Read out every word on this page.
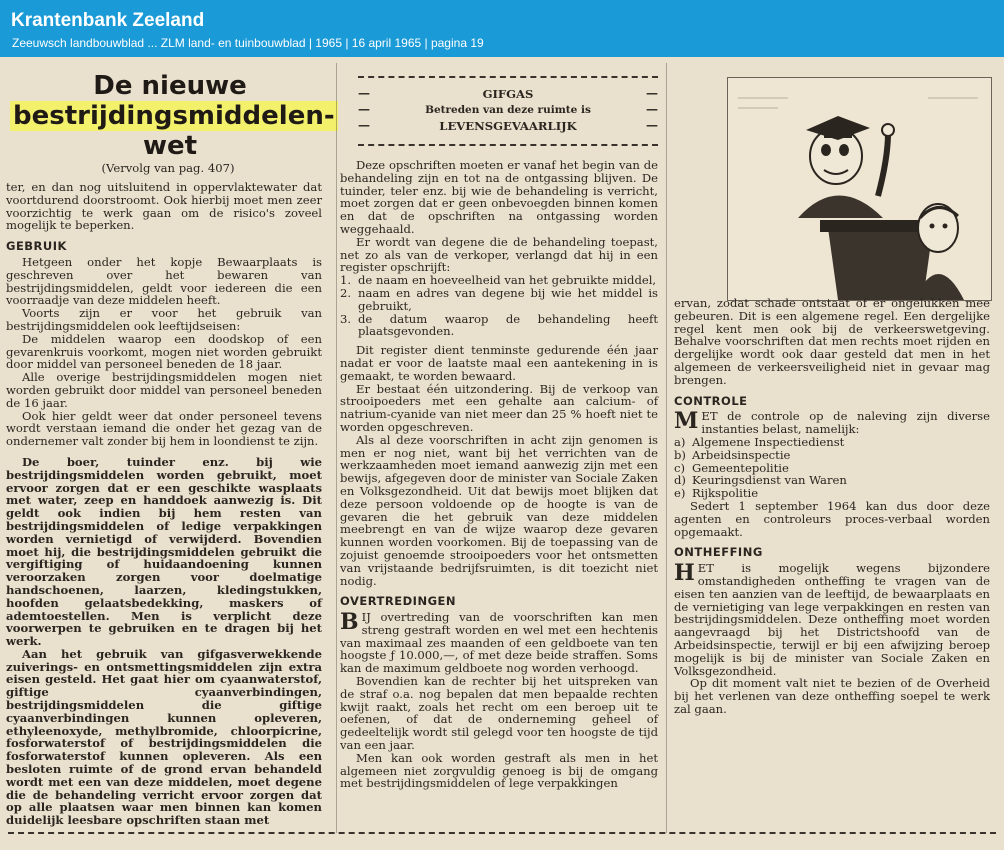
Krantenbank Zeeland
Zeeuwsch landbouwblad ... ZLM land- en tuinbouwblad | 1965 | 16 april 1965 | pagina 19
De nieuwe
bestrijdingsmiddelen-
wet
(Vervolg van pag. 407)

ter, en dan nog uitsluitend in oppervlaktewater dat voortdurend doorstroomt. Ook hierbij moet men zeer voorzichtig te werk gaan om de risico's zoveel mogelijk te beperken.

GEBRUIK

Hetgeen onder het kopje Bewaarplaats is geschreven over het bewaren van bestrijdingsmiddelen, geldt voor iedereen die een voorraadje van deze middelen heeft.

Voorts zijn er voor het gebruik van bestrijdingsmiddelen ook leeftijdseisen:

De middelen waarop een doodskop of een gevarenkruis voorkomt, mogen niet worden gebruikt door middel van personeel beneden de 18 jaar.

Alle overige bestrijdingsmiddelen mogen niet worden gebruikt door middel van personeel beneden de 16 jaar.

Ook hier geldt weer dat onder personeel tevens wordt verstaan iemand die onder het gezag van de ondernemer valt zonder bij hem in loondienst te zijn.

De boer, tuinder enz. bij wie bestrijdingsmiddelen worden gebruikt, moet ervoor zorgen dat er een geschikte wasplaats met water, zeep en handdoek aanwezig is. Dit geldt ook indien bij hem resten van bestrijdingsmiddelen of ledige verpakkingen worden vernietigd of verwijderd. Bovendien moet hij, die bestrijdingsmiddelen gebruikt die vergiftiging of huidaandoening kunnen veroorzaken zorgen voor doelmatige handschoenen, laarzen, kledingstukken, hoofden gelaatsbedekking, maskers of ademtoestellen. Men is verplicht deze voorwerpen te gebruiken en te dragen bij het werk.

Aan het gebruik van gifgasverwekkende zuiverings- en ontsmettingsmiddelen zijn extra eisen gesteld. Het gaat hier om cyaanwaterstof, giftige cyaanverbindingen, bestrijdingsmiddelen die giftige cyaanverbindingen kunnen opleveren, ethyleenoxyde, methylbromide, chloorpicrine, fosforwaterstof of bestrijdingsmiddelen die fosforwaterstof kunnen opleveren. Als een besloten ruimte of de grond ervan behandeld wordt met een van deze middelen, moet degene die de behandeling verricht ervoor zorgen dat op alle plaatsen waar men binnen kan komen duidelijk leesbare opschriften staan met

—
—
—
—
—
—
GIFGAS
Betreden van deze ruimte is
LEVENSGEVAARLIJK

Deze opschriften moeten er vanaf het begin van de behandeling zijn en tot na de ontgassing blijven. De tuinder, teler enz. bij wie de behandeling is verricht, moet zorgen dat er geen onbevoegden binnen komen en dat de opschriften na ontgassing worden weggehaald.

Er wordt van degene die de behandeling toepast, net zo als van de verkoper, verlangd dat hij in een register opschrijft:

1. de naam en hoeveelheid van het gebruikte middel,
2. naam en adres van degene bij wie het middel is gebruikt,
3. de datum waarop de behandeling heeft plaatsgevonden.

Dit register dient tenminste gedurende één jaar nadat er voor de laatste maal een aantekening in is gemaakt, te worden bewaard.

Er bestaat één uitzondering. Bij de verkoop van strooipoeders met een gehalte aan calcium- of natrium-cyanide van niet meer dan 25 % hoeft niet te worden opgeschreven.

Als al deze voorschriften in acht zijn genomen is men er nog niet, want bij het verrichten van de werkzaamheden moet iemand aanwezig zijn met een bewijs, afgegeven door de minister van Sociale Zaken en Volksgezondheid. Uit dat bewijs moet blijken dat deze persoon voldoende op de hoogte is van de gevaren die het gebruik van deze middelen meebrengt en van de wijze waarop deze gevaren kunnen worden voorkomen. Bij de toepassing van de zojuist genoemde strooipoeders voor het ontsmetten van vrijstaande bedrijfsruimten, is dit toezicht niet nodig.

OVERTREDINGEN

BIJ overtreding van de voorschriften kan men streng gestraft worden en wel met een hechtenis van maximaal zes maanden of een geldboete van ten hoogste ƒ 10.000,—, of met deze beide straffen. Soms kan de maximum geldboete nog worden verhoogd.

Bovendien kan de rechter bij het uitspreken van de straf o.a. nog bepalen dat men bepaalde rechten kwijt raakt, zoals het recht om een beroep uit te oefenen, of dat de onderneming geheel of gedeeltelijk wordt stil gelegd voor ten hoogste de tijd van een jaar.

Men kan ook worden gestraft als men in het algemeen niet zorgvuldig genoeg is bij de omgang met bestrijdingsmiddelen of lege verpakkingen

ervan, zodat schade ontstaat of er ongelukken mee gebeuren. Dit is een algemene regel. Een dergelijke regel kent men ook bij de verkeerswetgeving. Behalve voorschriften dat men rechts moet rijden en dergelijke wordt ook daar gesteld dat men in het algemeen de verkeersveiligheid niet in gevaar mag brengen.

CONTROLE

MET de controle op de naleving zijn diverse instanties belast, namelijk:

a) Algemene Inspectiedienst
b) Arbeidsinspectie
c) Gemeentepolitie
d) Keuringsdienst van Waren
e) Rijkspolitie

Sedert 1 september 1964 kan dus door deze agenten en controleurs proces-verbaal worden opgemaakt.

ONTHEFFING

HET is mogelijk wegens bijzondere omstandigheden ontheffing te vragen van de eisen ten aanzien van de leeftijd, de bewaarplaats en de vernietiging van lege verpakkingen en resten van bestrijdingsmiddelen. Deze ontheffing moet worden aangevraagd bij het Districtshoofd van de Arbeidsinspectie, terwijl er bij een afwijzing beroep mogelijk is bij de minister van Sociale Zaken en Volksgezondheid.

Op dit moment valt niet te bezien of de Overheid bij het verlenen van deze ontheffing soepel te werk zal gaan.
